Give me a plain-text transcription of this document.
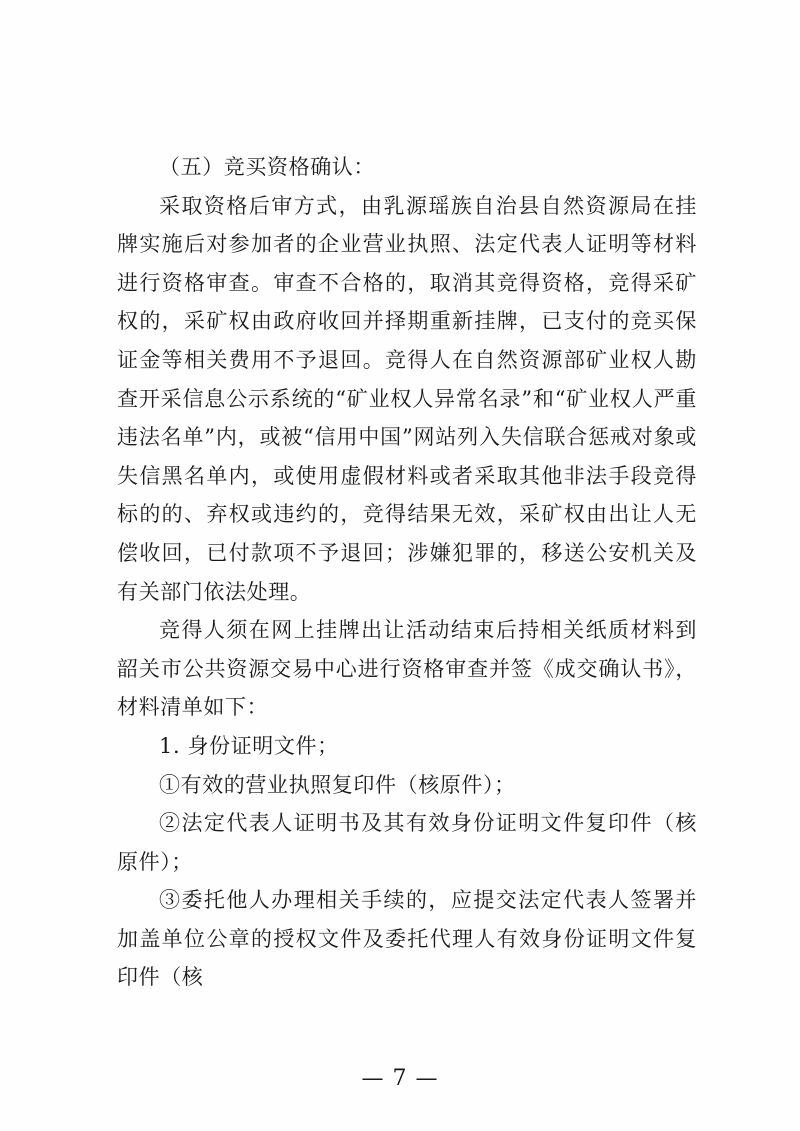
（五）竞买资格确认：

采取资格后审方式，由乳源瑶族自治县自然资源局在挂牌实施后对参加者的企业营业执照、法定代表人证明等材料进行资格审查。审查不合格的，取消其竞得资格，竞得采矿权的，采矿权由政府收回并择期重新挂牌，已支付的竞买保证金等相关费用不予退回。竞得人在自然资源部矿业权人勘查开采信息公示系统的“矿业权人异常名录”和“矿业权人严重违法名单”内，或被“信用中国”网站列入失信联合惩戒对象或失信黑名单内，或使用虚假材料或者采取其他非法手段竞得标的的、弃权或违约的，竞得结果无效，采矿权由出让人无偿收回，已付款项不予退回；涉嫌犯罪的，移送公安机关及有关部门依法处理。

竞得人须在网上挂牌出让活动结束后持相关纸质材料到韶关市公共资源交易中心进行资格审查并签《成交确认书》，材料清单如下：

1. 身份证明文件；

①有效的营业执照复印件（核原件）；

②法定代表人证明书及其有效身份证明文件复印件（核原件）；

③委托他人办理相关手续的，应提交法定代表人签署并加盖单位公章的授权文件及委托代理人有效身份证明文件复印件（核

— 7 —
